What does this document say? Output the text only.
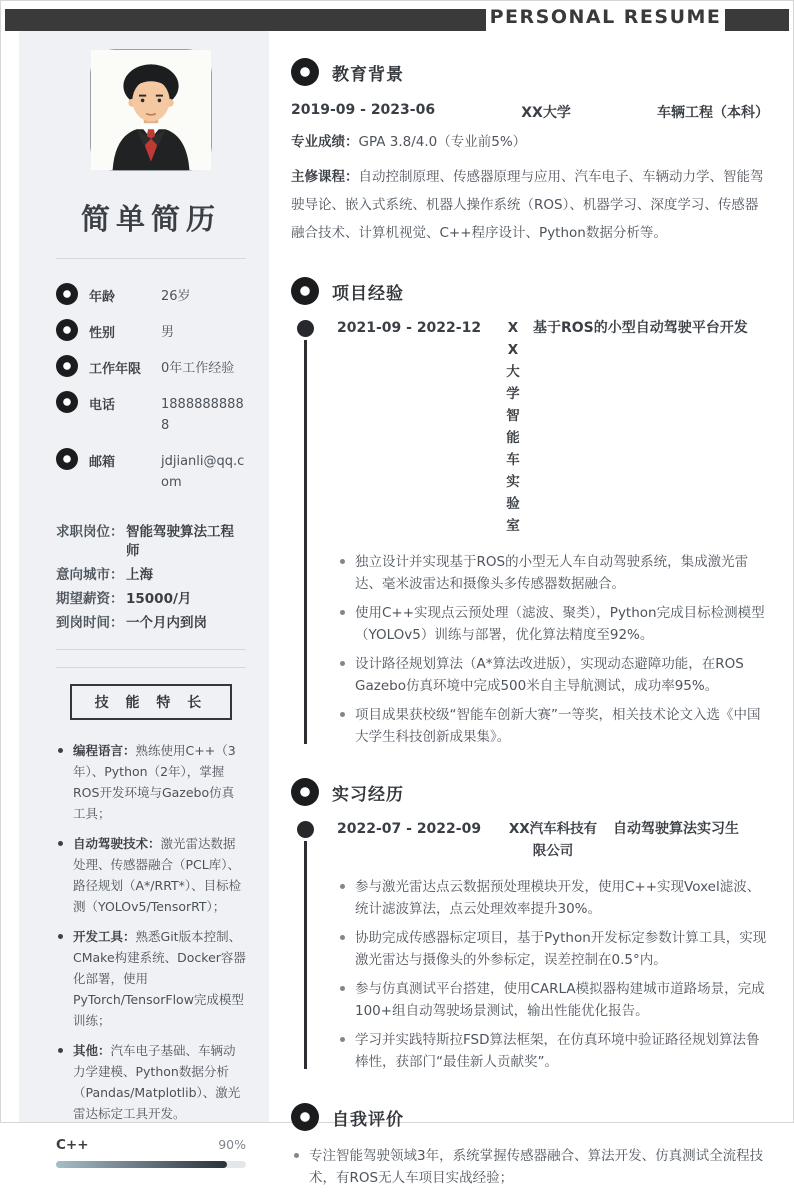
PERSONAL RESUME
简单简历
年龄	26岁
性别	男
工作年限	0年工作经验
电话	18888888888
邮箱	jdjianli@qq.com
求职岗位： 智能驾驶算法工程师
意向城市： 上海
期望薪资： 15000/月
到岗时间： 一个月内到岗
技 能 特 长
编程语言：熟练使用C++（3年）、Python（2年），掌握ROS开发环境与Gazebo仿真工具；
自动驾驶技术：激光雷达数据处理、传感器融合（PCL库）、路径规划（A*/RRT*）、目标检测（YOLOv5/TensorRT）；
开发工具：熟悉Git版本控制、CMake构建系统、Docker容器化部署，使用PyTorch/TensorFlow完成模型训练；
其他：汽车电子基础、车辆动力学建模、Python数据分析（Pandas/Matplotlib）、激光雷达标定工具开发。
C++	90%
教育背景
2019-09 - 2023-06	XX大学	车辆工程（本科）
专业成绩：GPA 3.8/4.0（专业前5%）
主修课程：自动控制原理、传感器原理与应用、汽车电子、车辆动力学、智能驾驶导论、嵌入式系统、机器人操作系统（ROS）、机器学习、深度学习、传感器融合技术、计算机视觉、C++程序设计、Python数据分析等。
项目经验
2021-09 - 2022-12	XX大学智能车实验室
基于ROS的小型自动驾驶平台开发
独立设计并实现基于ROS的小型无人车自动驾驶系统，集成激光雷达、毫米波雷达和摄像头多传感器数据融合。
使用C++实现点云预处理（滤波、聚类），Python完成目标检测模型（YOLOv5）训练与部署，优化算法精度至92%。
设计路径规划算法（A*算法改进版），实现动态避障功能，在ROS Gazebo仿真环境中完成500米自主导航测试，成功率95%。
项目成果获校级“智能车创新大赛”一等奖，相关技术论文入选《中国大学生科技创新成果集》。
实习经历
2022-07 - 2022-09	XX汽车科技有限公司
自动驾驶算法实习生
参与激光雷达点云数据预处理模块开发，使用C++实现Voxel滤波、统计滤波算法，点云处理效率提升30%。
协助完成传感器标定项目，基于Python开发标定参数计算工具，实现激光雷达与摄像头的外参标定，误差控制在0.5°内。
参与仿真测试平台搭建，使用CARLA模拟器构建城市道路场景，完成100+组自动驾驶场景测试，输出性能优化报告。
学习并实践特斯拉FSD算法框架，在仿真环境中验证路径规划算法鲁棒性，获部门“最佳新人贡献奖”。
自我评价
专注智能驾驶领域3年，系统掌握传感器融合、算法开发、仿真测试全流程技术，有ROS无人车项目实战经验；
